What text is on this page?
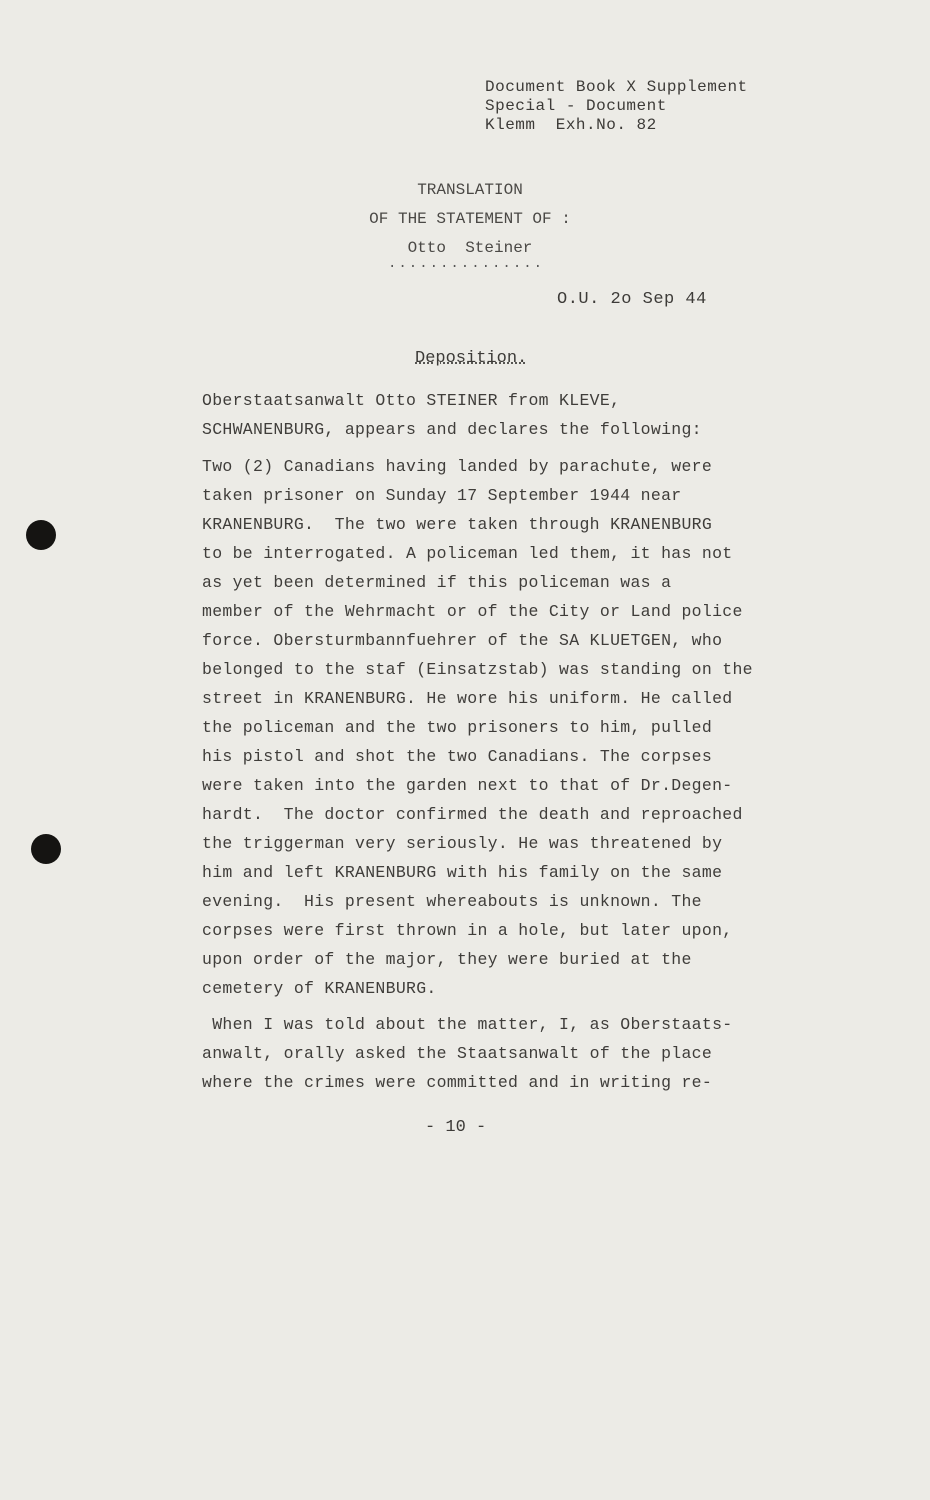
Document Book X Supplement
Special - Document
Klemm  Exh.No. 82
TRANSLATION
OF THE STATEMENT OF :
Otto  Steiner
...............
O.U. 2o Sep 44
Deposition.
Oberstaatsanwalt Otto STEINER from KLEVE,
SCHWANENBURG, appears and declares the following:
Two (2) Canadians having landed by parachute, were
taken prisoner on Sunday 17 September 1944 near
KRANENBURG.  The two were taken through KRANENBURG
to be interrogated. A policeman led them, it has not
as yet been determined if this policeman was a
member of the Wehrmacht or of the City or Land police
force. Obersturmbannfuehrer of the SA KLUETGEN, who
belonged to the staf (Einsatzstab) was standing on the
street in KRANENBURG. He wore his uniform. He called
the policeman and the two prisoners to him, pulled
his pistol and shot the two Canadians. The corpses
were taken into the garden next to that of Dr.Degen-
hardt.  The doctor confirmed the death and reproached
the triggerman very seriously. He was threatened by
him and left KRANENBURG with his family on the same
evening.  His present whereabouts is unknown. The
corpses were first thrown in a hole, but later upon,
upon order of the major, they were buried at the
cemetery of KRANENBURG.
When I was told about the matter, I, as Oberstaats-
anwalt, orally asked the Staatsanwalt of the place
where the crimes were committed and in writing re-
- 10 -
